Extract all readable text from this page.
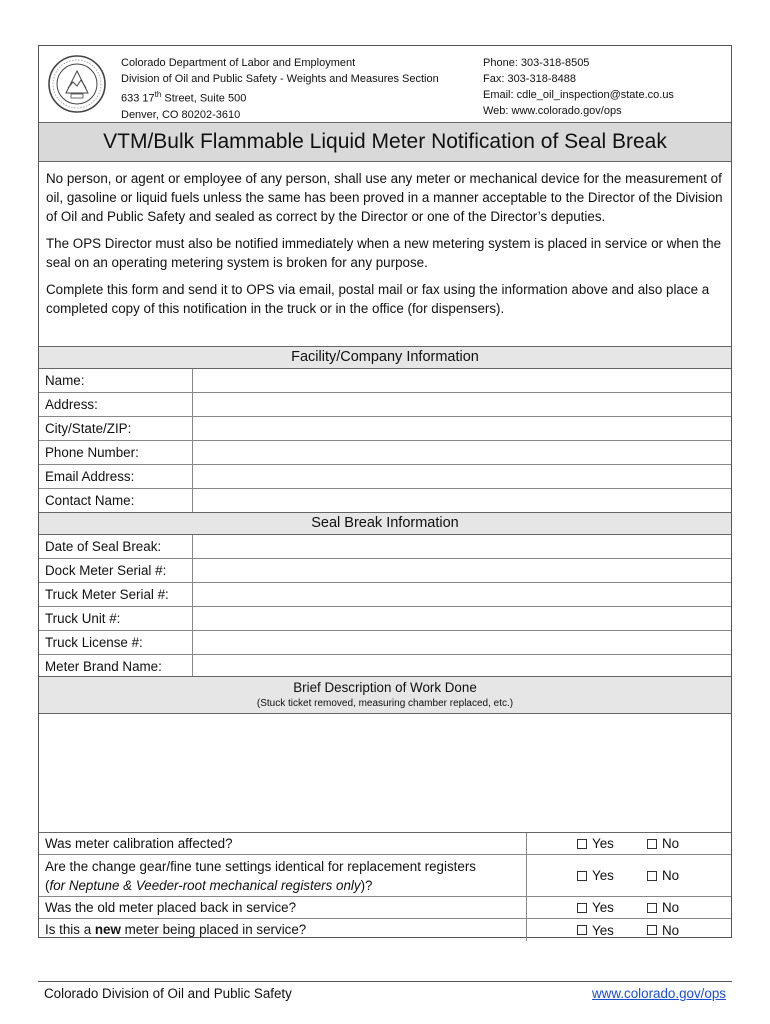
Colorado Department of Labor and Employment
Division of Oil and Public Safety - Weights and Measures Section
633 17th Street, Suite 500
Denver, CO 80202-3610
Phone: 303-318-8505
Fax: 303-318-8488
Email: cdle_oil_inspection@state.co.us
Web: www.colorado.gov/ops
VTM/Bulk Flammable Liquid Meter Notification of Seal Break

No person, or agent or employee of any person, shall use any meter or mechanical device for the measurement of oil, gasoline or liquid fuels unless the same has been proved in a manner acceptable to the Director of the Division of Oil and Public Safety and sealed as correct by the Director or one of the Director’s deputies.

The OPS Director must also be notified immediately when a new metering system is placed in service or when the seal on an operating metering system is broken for any purpose.

Complete this form and send it to OPS via email, postal mail or fax using the information above and also place a completed copy of this notification in the truck or in the office (for dispensers).

Facility/Company Information
Name:
Address:
City/State/ZIP:
Phone Number:
Email Address:
Contact Name:
Seal Break Information
Date of Seal Break:
Dock Meter Serial #:
Truck Meter Serial #:
Truck Unit #:
Truck License #:
Meter Brand Name:
Brief Description of Work Done
(Stuck ticket removed, measuring chamber replaced, etc.)
Was meter calibration affected?	Yes	No
Are the change gear/fine tune settings identical for replacement registers
(for Neptune & Veeder-root mechanical registers only)?
Yes	No
Was the old meter placed back in service?	Yes	No
Is this a new meter being placed in service?	Yes	No
Colorado Division of Oil and Public Safety	www.colorado.gov/ops
